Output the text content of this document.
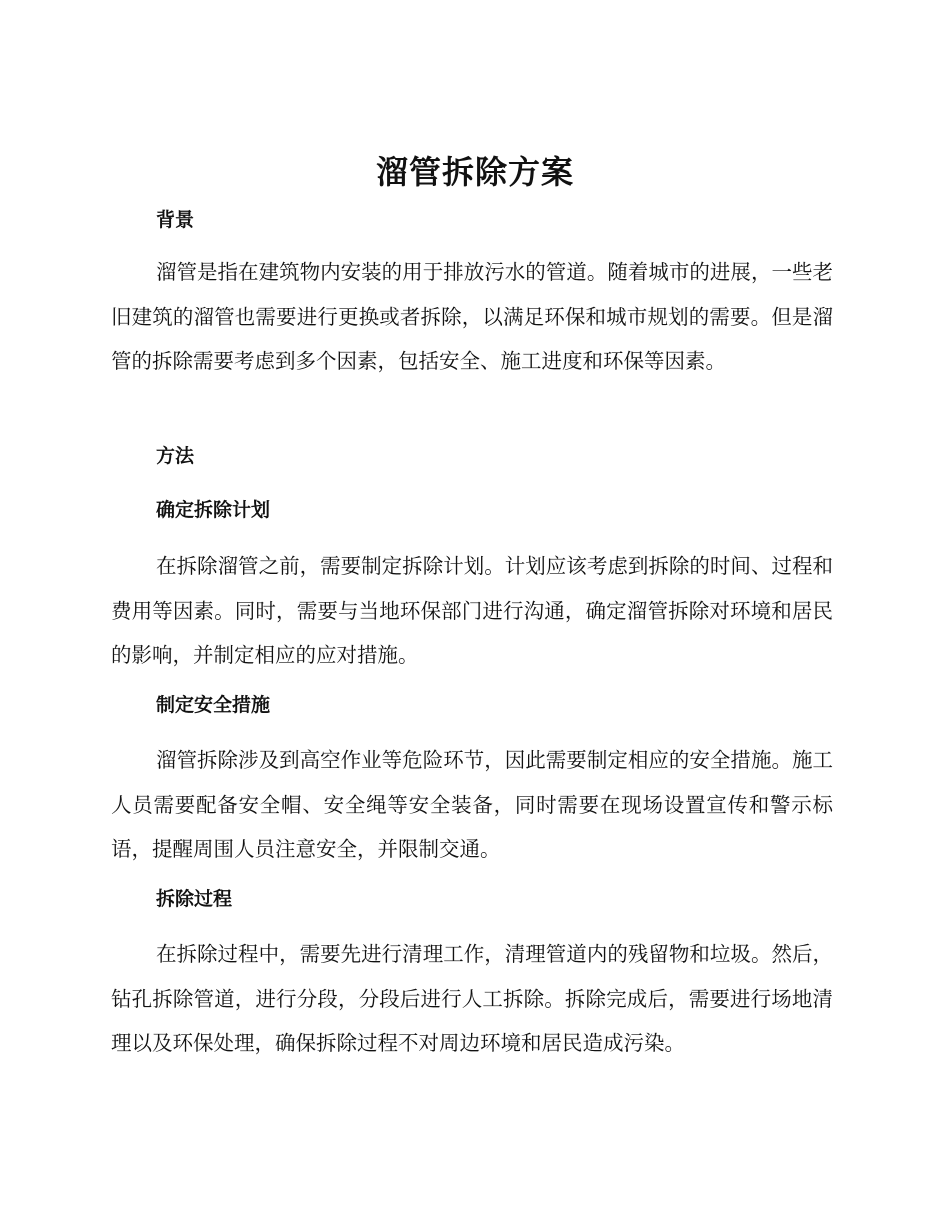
溜管拆除方案
背景

溜管是指在建筑物内安装的用于排放污水的管道。随着城市的进展，一些老旧建筑的溜管也需要进行更换或者拆除，以满足环保和城市规划的需要。但是溜管的拆除需要考虑到多个因素，包括安全、施工进度和环保等因素。

方法
确定拆除计划

在拆除溜管之前，需要制定拆除计划。计划应该考虑到拆除的时间、过程和费用等因素。同时，需要与当地环保部门进行沟通，确定溜管拆除对环境和居民的影响，并制定相应的应对措施。

制定安全措施

溜管拆除涉及到高空作业等危险环节，因此需要制定相应的安全措施。施工人员需要配备安全帽、安全绳等安全装备，同时需要在现场设置宣传和警示标语，提醒周围人员注意安全，并限制交通。

拆除过程

在拆除过程中，需要先进行清理工作，清理管道内的残留物和垃圾。然后，钻孔拆除管道，进行分段，分段后进行人工拆除。拆除完成后，需要进行场地清理以及环保处理，确保拆除过程不对周边环境和居民造成污染。
